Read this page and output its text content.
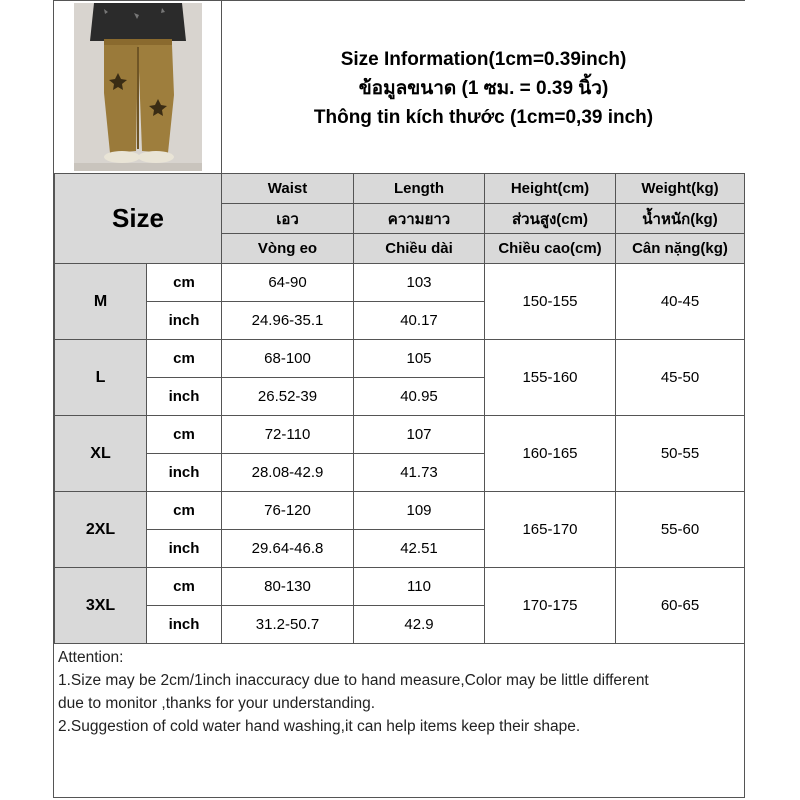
Size Information(1cm=0.39inch)
ข้อมูลขนาด (1 ซม. = 0.39 นิ้ว)
Thông tin kích thước (1cm=0,39 inch)
Size		Waist	Length	Height(cm)	Weight(kg)
		เอว	ความยาว	ส่วนสูง(cm)	น้ำหนัก(kg)
		Vòng eo	Chiều dài	Chiều cao(cm)	Cân nặng(kg)
M	cm	64-90	103	150-155	40-45
	inch	24.96-35.1	40.17		
L	cm	68-100	105	155-160	45-50
	inch	26.52-39	40.95		
XL	cm	72-110	107	160-165	50-55
	inch	28.08-42.9	41.73		
2XL	cm	76-120	109	165-170	55-60
	inch	29.64-46.8	42.51		
3XL	cm	80-130	110	170-175	60-65
	inch	31.2-50.7	42.9		

Attention:

1.Size may be 2cm/1inch inaccuracy due to hand measure,Color may be little different

due to monitor ,thanks for your understanding.

2.Suggestion of cold water hand washing,it can help items keep their shape.
